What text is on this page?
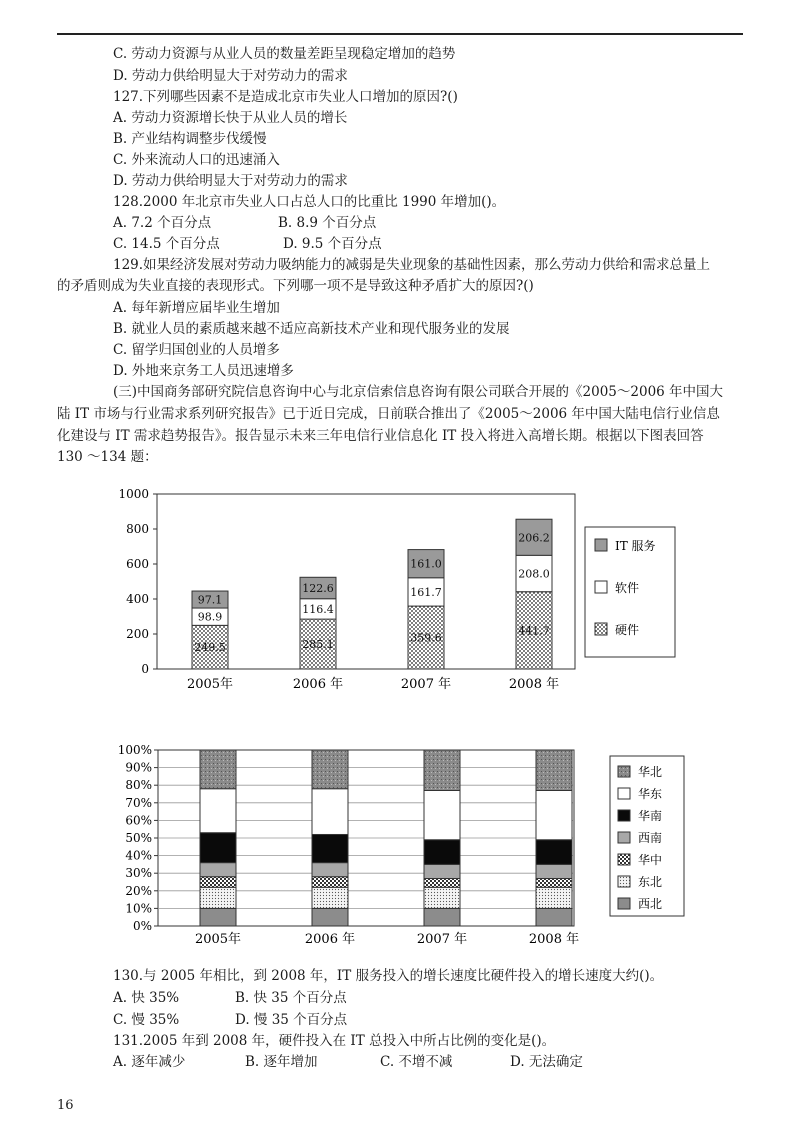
C. 劳动力资源与从业人员的数量差距呈现稳定增加的趋势
D. 劳动力供给明显大于对劳动力的需求
127.下列哪些因素不是造成北京市失业人口增加的原因?()
A. 劳动力资源增长快于从业人员的增长
B. 产业结构调整步伐缓慢
C. 外来流动人口的迅速涌入
D. 劳动力供给明显大于对劳动力的需求
128.2000 年北京市失业人口占总人口的比重比 1990 年增加()。
A. 7.2 个百分点	B. 8.9 个百分点
C. 14.5 个百分点	D. 9.5 个百分点
129.如果经济发展对劳动力吸纳能力的减弱是失业现象的基础性因素，那么劳动力供给和需求总量上
的矛盾则成为失业直接的表现形式。下列哪一项不是导致这种矛盾扩大的原因?()
A. 每年新增应届毕业生增加
B. 就业人员的素质越来越不适应高新技术产业和现代服务业的发展
C. 留学归国创业的人员增多
D. 外地来京务工人员迅速增多
(三)中国商务部研究院信息咨询中心与北京信索信息咨询有限公司联合开展的《2005～2006 年中国大
陆 IT 市场与行业需求系列研究报告》已于近日完成，日前联合推出了《2005～2006 年中国大陆电信行业信息
化建设与 IT 需求趋势报告》。报告显示未来三年电信行业信息化 IT 投入将进入高增长期。根据以下图表回答
130 ～134 题：
0
200
400
600
800
1000
249.5
98.9
97.1
285.1
116.4
122.6
359.6
161.7
161.0
441.7
208.0
206.2
2005年	2006 年	2007 年	2008 年
IT 服务
软件
硬件
0%
10%
20%
30%
40%
50%
60%
70%
80%
90%
100%
2005年	2006 年	2007 年	2008 年
华北
华东
华南
西南
华中
东北
西北
130.与 2005 年相比，到 2008 年，IT 服务投入的增长速度比硬件投入的增长速度大约()。
A. 快 35%	B. 快 35 个百分点
C. 慢 35%	D. 慢 35 个百分点
131.2005 年到 2008 年，硬件投入在 IT 总投入中所占比例的变化是()。
A. 逐年减少	B. 逐年增加	C. 不增不减	D. 无法确定
16
